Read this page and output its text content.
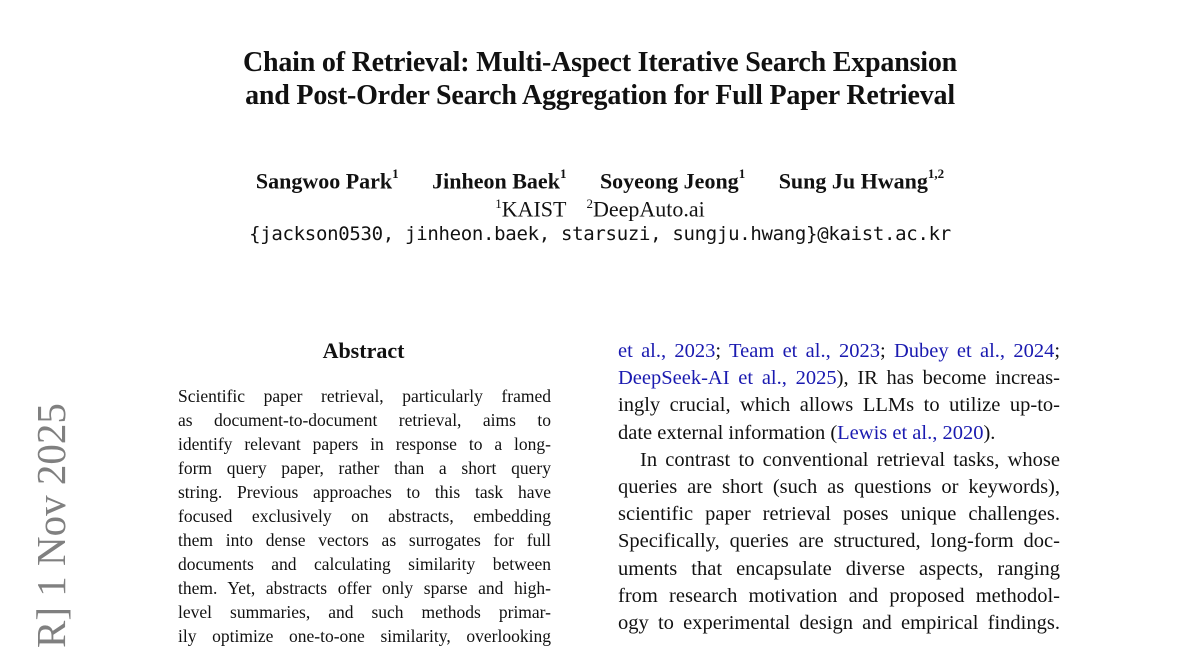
Chain of Retrieval: Multi-Aspect Iterative Search Expansion
and Post-Order Search Aggregation for Full Paper Retrieval
Sangwoo Park$^1$ Jinheon Baek$^1$ Soyeong Jeong$^1$ Sung Ju Hwang$^{1,2}$
$^1$KAIST $^2$DeepAuto.ai
{jackson0530, jinheon.baek, starsuzi, sungju.hwang}@kaist.ac.kr
Abstract
Scientific paper retrieval, particularly framed
as document-to-document retrieval, aims to
identify relevant papers in response to a long-
form query paper, rather than a short query
string. Previous approaches to this task have
focused exclusively on abstracts, embedding
them into dense vectors as surrogates for full
documents and calculating similarity between
them. Yet, abstracts offer only sparse and high-
level summaries, and such methods primar-
ily optimize one-to-one similarity, overlooking
et al., 2023; Team et al., 2023; Dubey et al., 2024;
DeepSeek-AI et al., 2025), IR has become increas-
ingly crucial, which allows LLMs to utilize up-to-
date external information (Lewis et al., 2020).
In contrast to conventional retrieval tasks, whose
queries are short (such as questions or keywords),
scientific paper retrieval poses unique challenges.
Specifically, queries are structured, long-form doc-
uments that encapsulate diverse aspects, ranging
from research motivation and proposed methodol-
ogy to experimental design and empirical findings.
R] 1 Nov 2025
